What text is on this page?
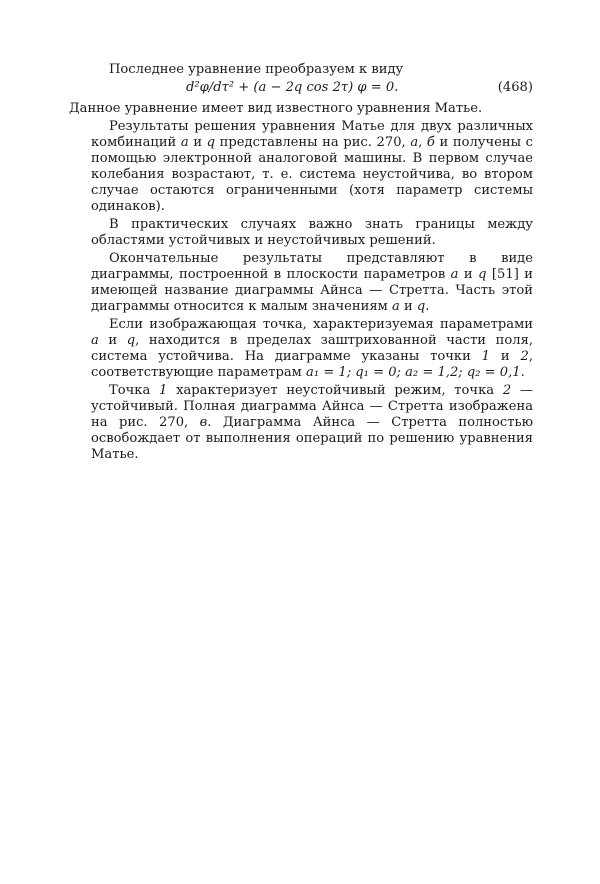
Последнее уравнение преобразуем к виду

d²φ/dτ² + (a − 2q cos 2τ) φ = 0.	(468)

Данное уравнение имеет вид известного уравнения Матье.

Результаты решения уравнения Матье для двух различных комбинаций a и q представлены на рис. 270, а, б и получены с помощью электронной аналоговой машины. В первом случае колебания возрастают, т. е. система неустойчива, во втором случае остаются ограниченными (хотя параметр системы одинаков).

В практических случаях важно знать границы между областями устойчивых и неустойчивых решений.

Окончательные результаты представляют в виде диаграммы, построенной в плоскости параметров a и q [51] и имеющей название диаграммы Айнса — Стретта. Часть этой диаграммы относится к малым значениям a и q.

Если изображающая точка, характеризуемая параметрами a и q, находится в пределах заштрихованной части поля, система устойчива. На диаграмме указаны точки 1 и 2, соответствующие параметрам a₁ = 1; q₁ = 0; a₂ = 1,2; q₂ = 0,1.

Точка 1 характеризует неустойчивый режим, точка 2 — устойчивый. Полная диаграмма Айнса — Стретта изображена на рис. 270, в. Диаграмма Айнса — Стретта полностью освобождает от выполнения операций по решению уравнения Матье.
